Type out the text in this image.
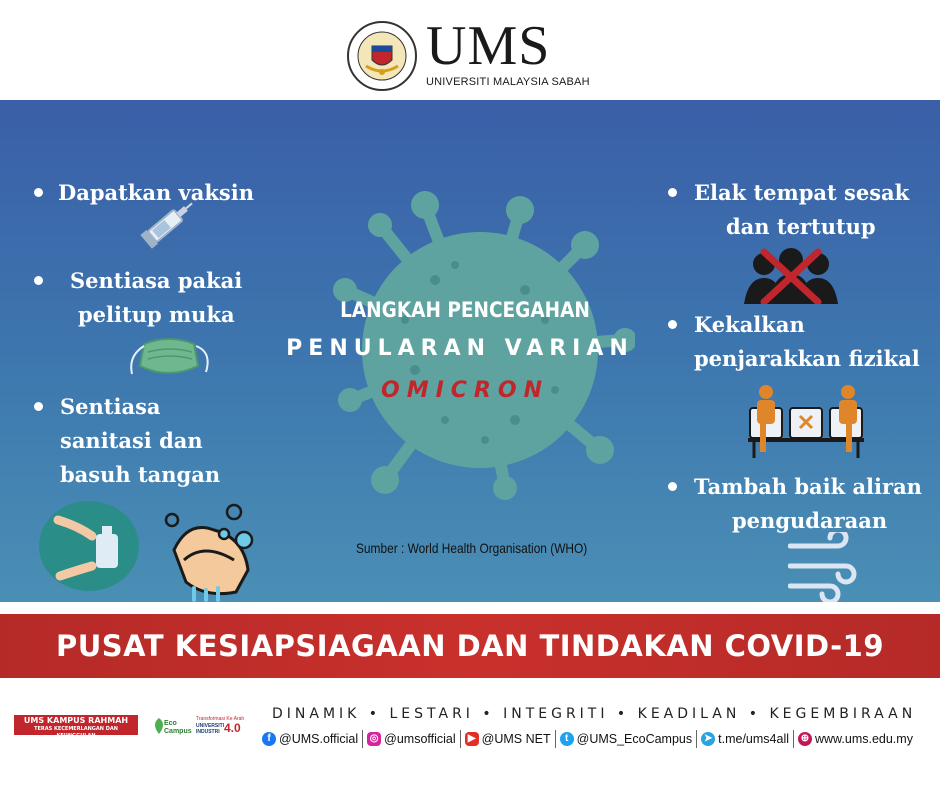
UMS
UNIVERSITI MALAYSIA SABAH
LANGKAH PENCEGAHAN
PENULARAN VARIAN
OMICRON
Sumber : World Health Organisation (WHO)
Dapatkan vaksin
Sentiasa pakai
pelitup muka
Sentiasa
sanitasi dan
basuh tangan
Elak tempat sesak
dan tertutup
Kekalkan
penjarakkan fizikal
Tambah baik aliran
pengudaraan
PUSAT KESIAPSIAGAAN DAN TINDAKAN COVID-19
UMS KAMPUS RAHMAH
TERAS KECEMERLANGAN DAN KEUNGGULAN
Eco Campus
Transformasi Ke Arah
UNIVERSITI INDUSTRI 4.0
DINAMIK • LESTARI • INTEGRITI • KEADILAN • KEGEMBIRAAN
f @UMS.official ◎ @umsofficial	▶ @UMS NET	t @UMS_EcoCampus ➤ t.me/ums4all ⊕ www.ums.edu.my
